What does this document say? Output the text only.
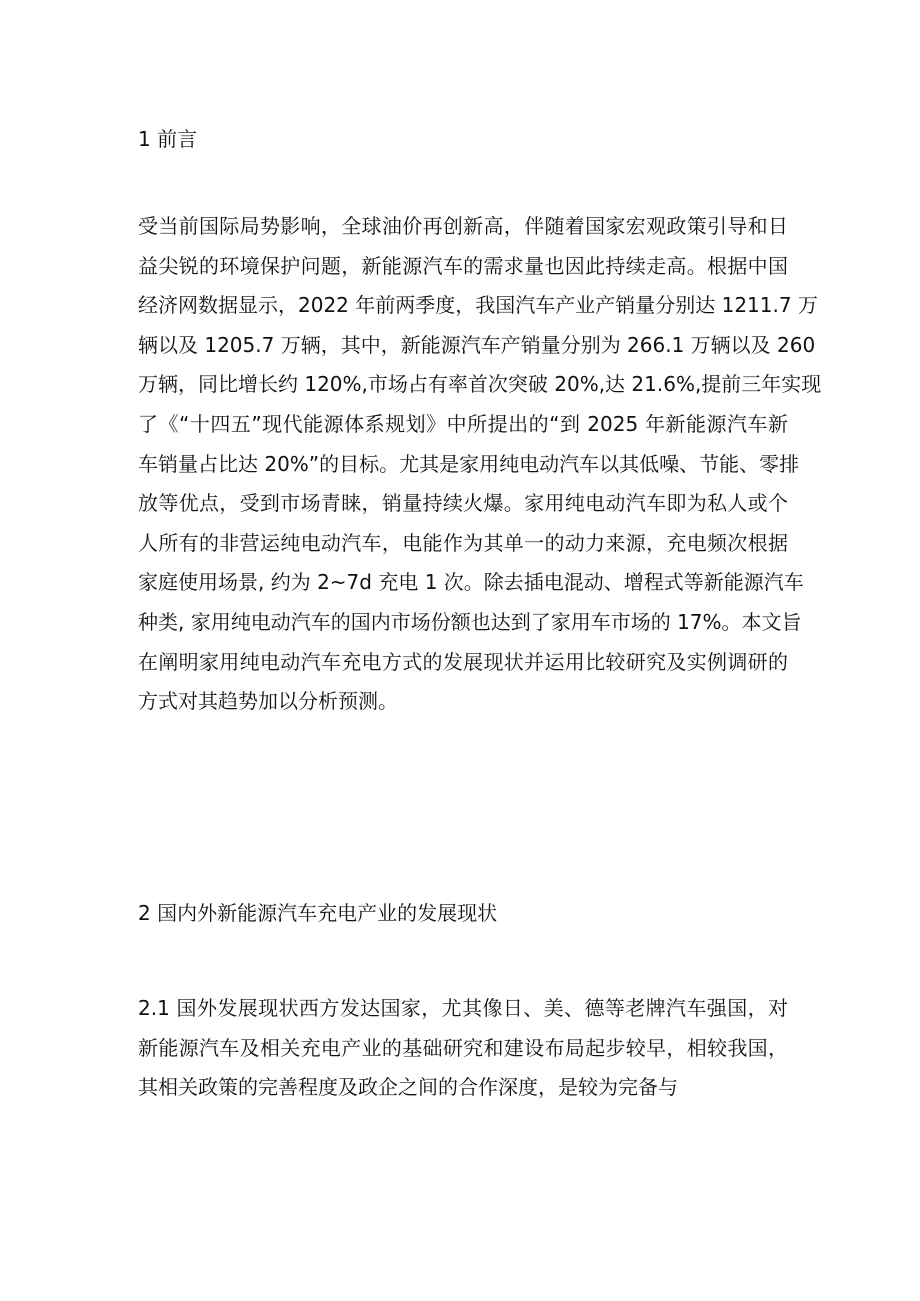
1 前言
受当前国际局势影响，全球油价再创新高，伴随着国家宏观政策引导和日
益尖锐的环境保护问题，新能源汽车的需求量也因此持续走高。根据中国
经济网数据显示，2022 年前两季度，我国汽车产业产销量分别达 1211.7 万
辆以及 1205.7 万辆，其中，新能源汽车产销量分别为 266.1 万辆以及 260
万辆，同比增长约 120%,市场占有率首次突破 20%,达 21.6%,提前三年实现
了《“十四五”现代能源体系规划》中所提出的“到 2025 年新能源汽车新
车销量占比达 20%”的目标。尤其是家用纯电动汽车以其低噪、节能、零排
放等优点，受到市场青睐，销量持续火爆。家用纯电动汽车即为私人或个
人所有的非营运纯电动汽车，电能作为其单一的动力来源，充电频次根据
家庭使用场景, 约为 2~7d 充电 1 次。除去插电混动、增程式等新能源汽车
种类, 家用纯电动汽车的国内市场份额也达到了家用车市场的 17%。本文旨
在阐明家用纯电动汽车充电方式的发展现状并运用比较研究及实例调研的
方式对其趋势加以分析预测。
2 国内外新能源汽车充电产业的发展现状
2.1 国外发展现状西方发达国家，尤其像日、美、德等老牌汽车强国，对
新能源汽车及相关充电产业的基础研究和建设布局起步较早，相较我国，
其相关政策的完善程度及政企之间的合作深度，是较为完备与
